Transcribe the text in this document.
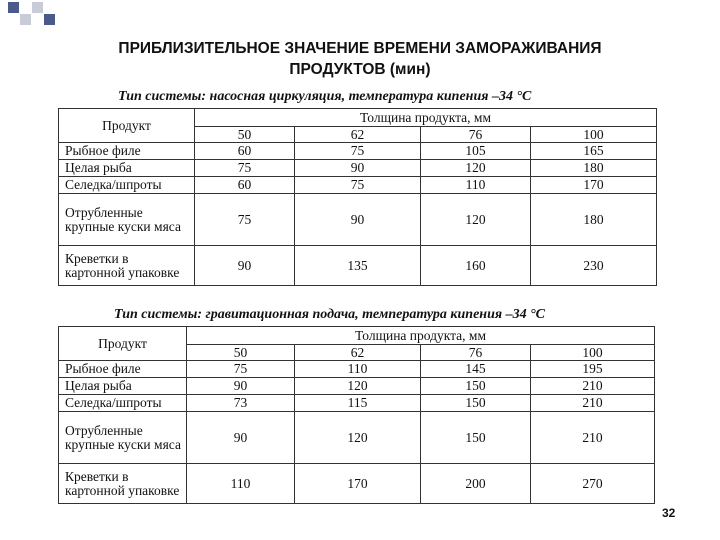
ПРИБЛИЗИТЕЛЬНОЕ ЗНАЧЕНИЕ ВРЕМЕНИ ЗАМОРАЖИВАНИЯ
ПРОДУКТОВ (мин)
Тип системы: насосная циркуляция, температура кипения –34 °С
Продукт	Толщина продукта, мм			
	50	62	76	100
Рыбное филе	60	75	105	165
Целая рыба	75	90	120	180
Селедка/шпроты	60	75	110	170
Отрубленные крупные куски мяса	75	90	120	180
Креветки в картонной упаковке	90	135	160	230
Тип системы: гравитационная подача, температура кипения –34 °С
Продукт	Толщина продукта, мм			
	50	62	76	100
Рыбное филе	75	110	145	195
Целая рыба	90	120	150	210
Селедка/шпроты	73	115	150	210
Отрубленные крупные куски мяса	90	120	150	210
Креветки в картонной упаковке	110	170	200	270
32
